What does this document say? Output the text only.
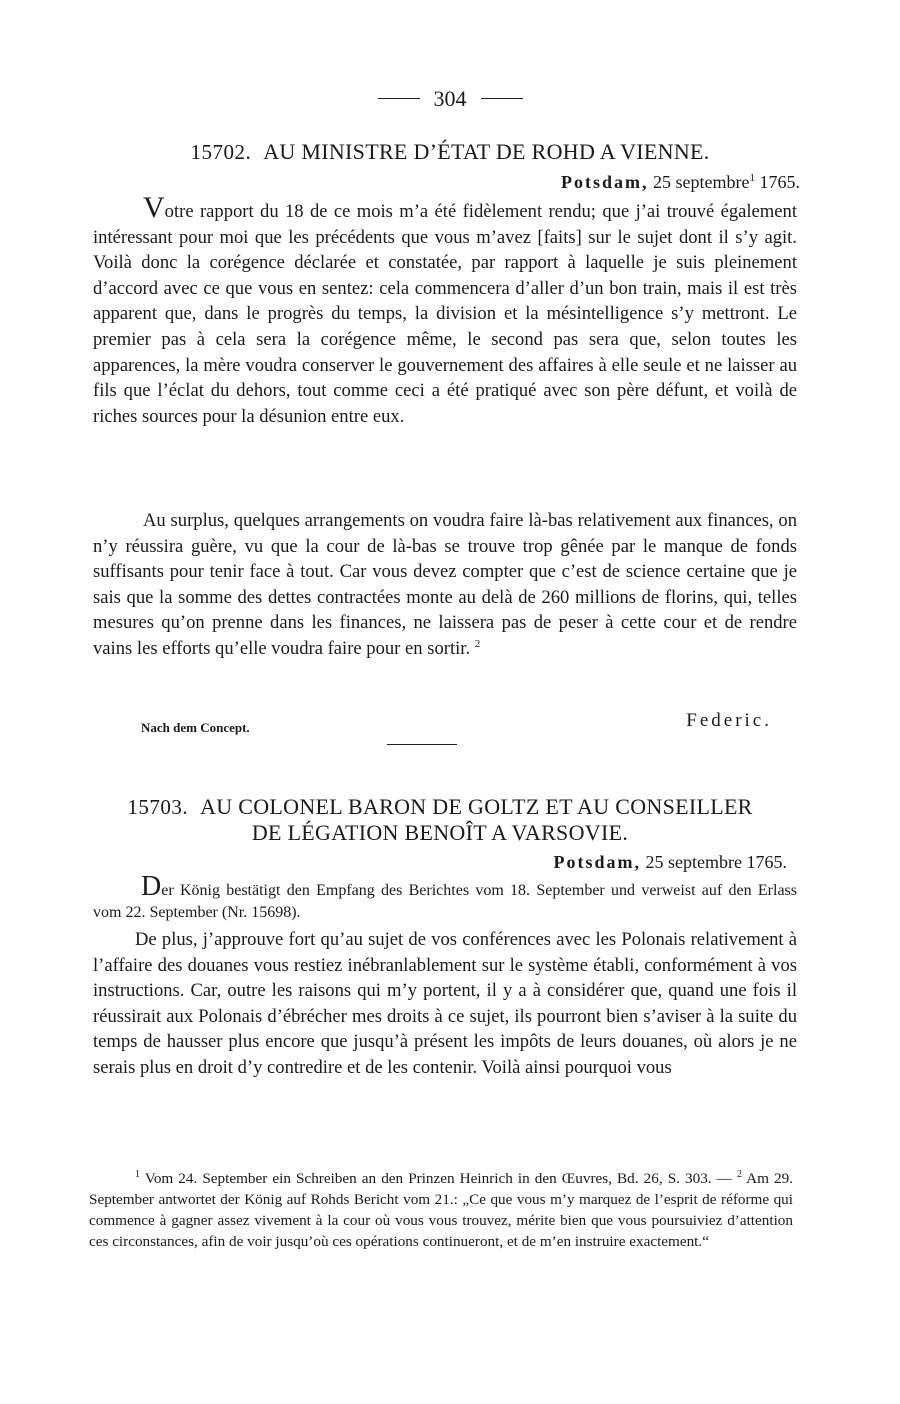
304
15702. AU MINISTRE D’ÉTAT DE ROHD A VIENNE.
Potsdam, 25 septembre$^1$ 1765.
Votre rapport du 18 de ce mois m’a été fidèlement rendu; que j’ai trouvé également intéressant pour moi que les précédents que vous m’avez [faits] sur le sujet dont il s’y agit. Voilà donc la corégence déclarée et constatée, par rapport à laquelle je suis pleinement d’accord avec ce que vous en sentez: cela commencera d’aller d’un bon train, mais il est très apparent que, dans le progrès du temps, la division et la mésintelligence s’y mettront. Le premier pas à cela sera la corégence même, le second pas sera que, selon toutes les apparences, la mère voudra conserver le gouvernement des affaires à elle seule et ne laisser au fils que l’éclat du dehors, tout comme ceci a été pratiqué avec son père défunt, et voilà de riches sources pour la désunion entre eux.
Au surplus, quelques arrangements on voudra faire là-bas relativement aux finances, on n’y réussira guère, vu que la cour de là-bas se trouve trop gênée par le manque de fonds suffisants pour tenir face à tout. Car vous devez compter que c’est de science certaine que je sais que la somme des dettes contractées monte au delà de 260 millions de florins, qui, telles mesures qu’on prenne dans les finances, ne laissera pas de peser à cette cour et de rendre vains les efforts qu’elle voudra faire pour en sortir. $^2$
Nach dem Concept.	Federic.
15703. AU COLONEL BARON DE GOLTZ ET AU CONSEILLER
DE LÉGATION BENOÎT A VARSOVIE.
Potsdam, 25 septembre 1765.
Der König bestätigt den Empfang des Berichtes vom 18. September und verweist auf den Erlass vom 22. September (Nr. 15698).
De plus, j’approuve fort qu’au sujet de vos conférences avec les Polonais relativement à l’affaire des douanes vous restiez inébranlablement sur le système établi, conformément à vos instructions. Car, outre les raisons qui m’y portent, il y a à considérer que, quand une fois il réussirait aux Polonais d’ébrécher mes droits à ce sujet, ils pourront bien s’aviser à la suite du temps de hausser plus encore que jusqu’à présent les impôts de leurs douanes, où alors je ne serais plus en droit d’y contredire et de les contenir. Voilà ainsi pourquoi vous

$^1$ Vom 24. September ein Schreiben an den Prinzen Heinrich in den Œuvres, Bd. 26, S. 303. — $^2$ Am 29. September antwortet der König auf Rohds Bericht vom 21.: „Ce que vous m’y marquez de l’esprit de réforme qui commence à gagner assez vivement à la cour où vous vous trouvez, mérite bien que vous poursuiviez d’attention ces circonstances, afin de voir jusqu’où ces opérations continueront, et de m’en instruire exactement.“
